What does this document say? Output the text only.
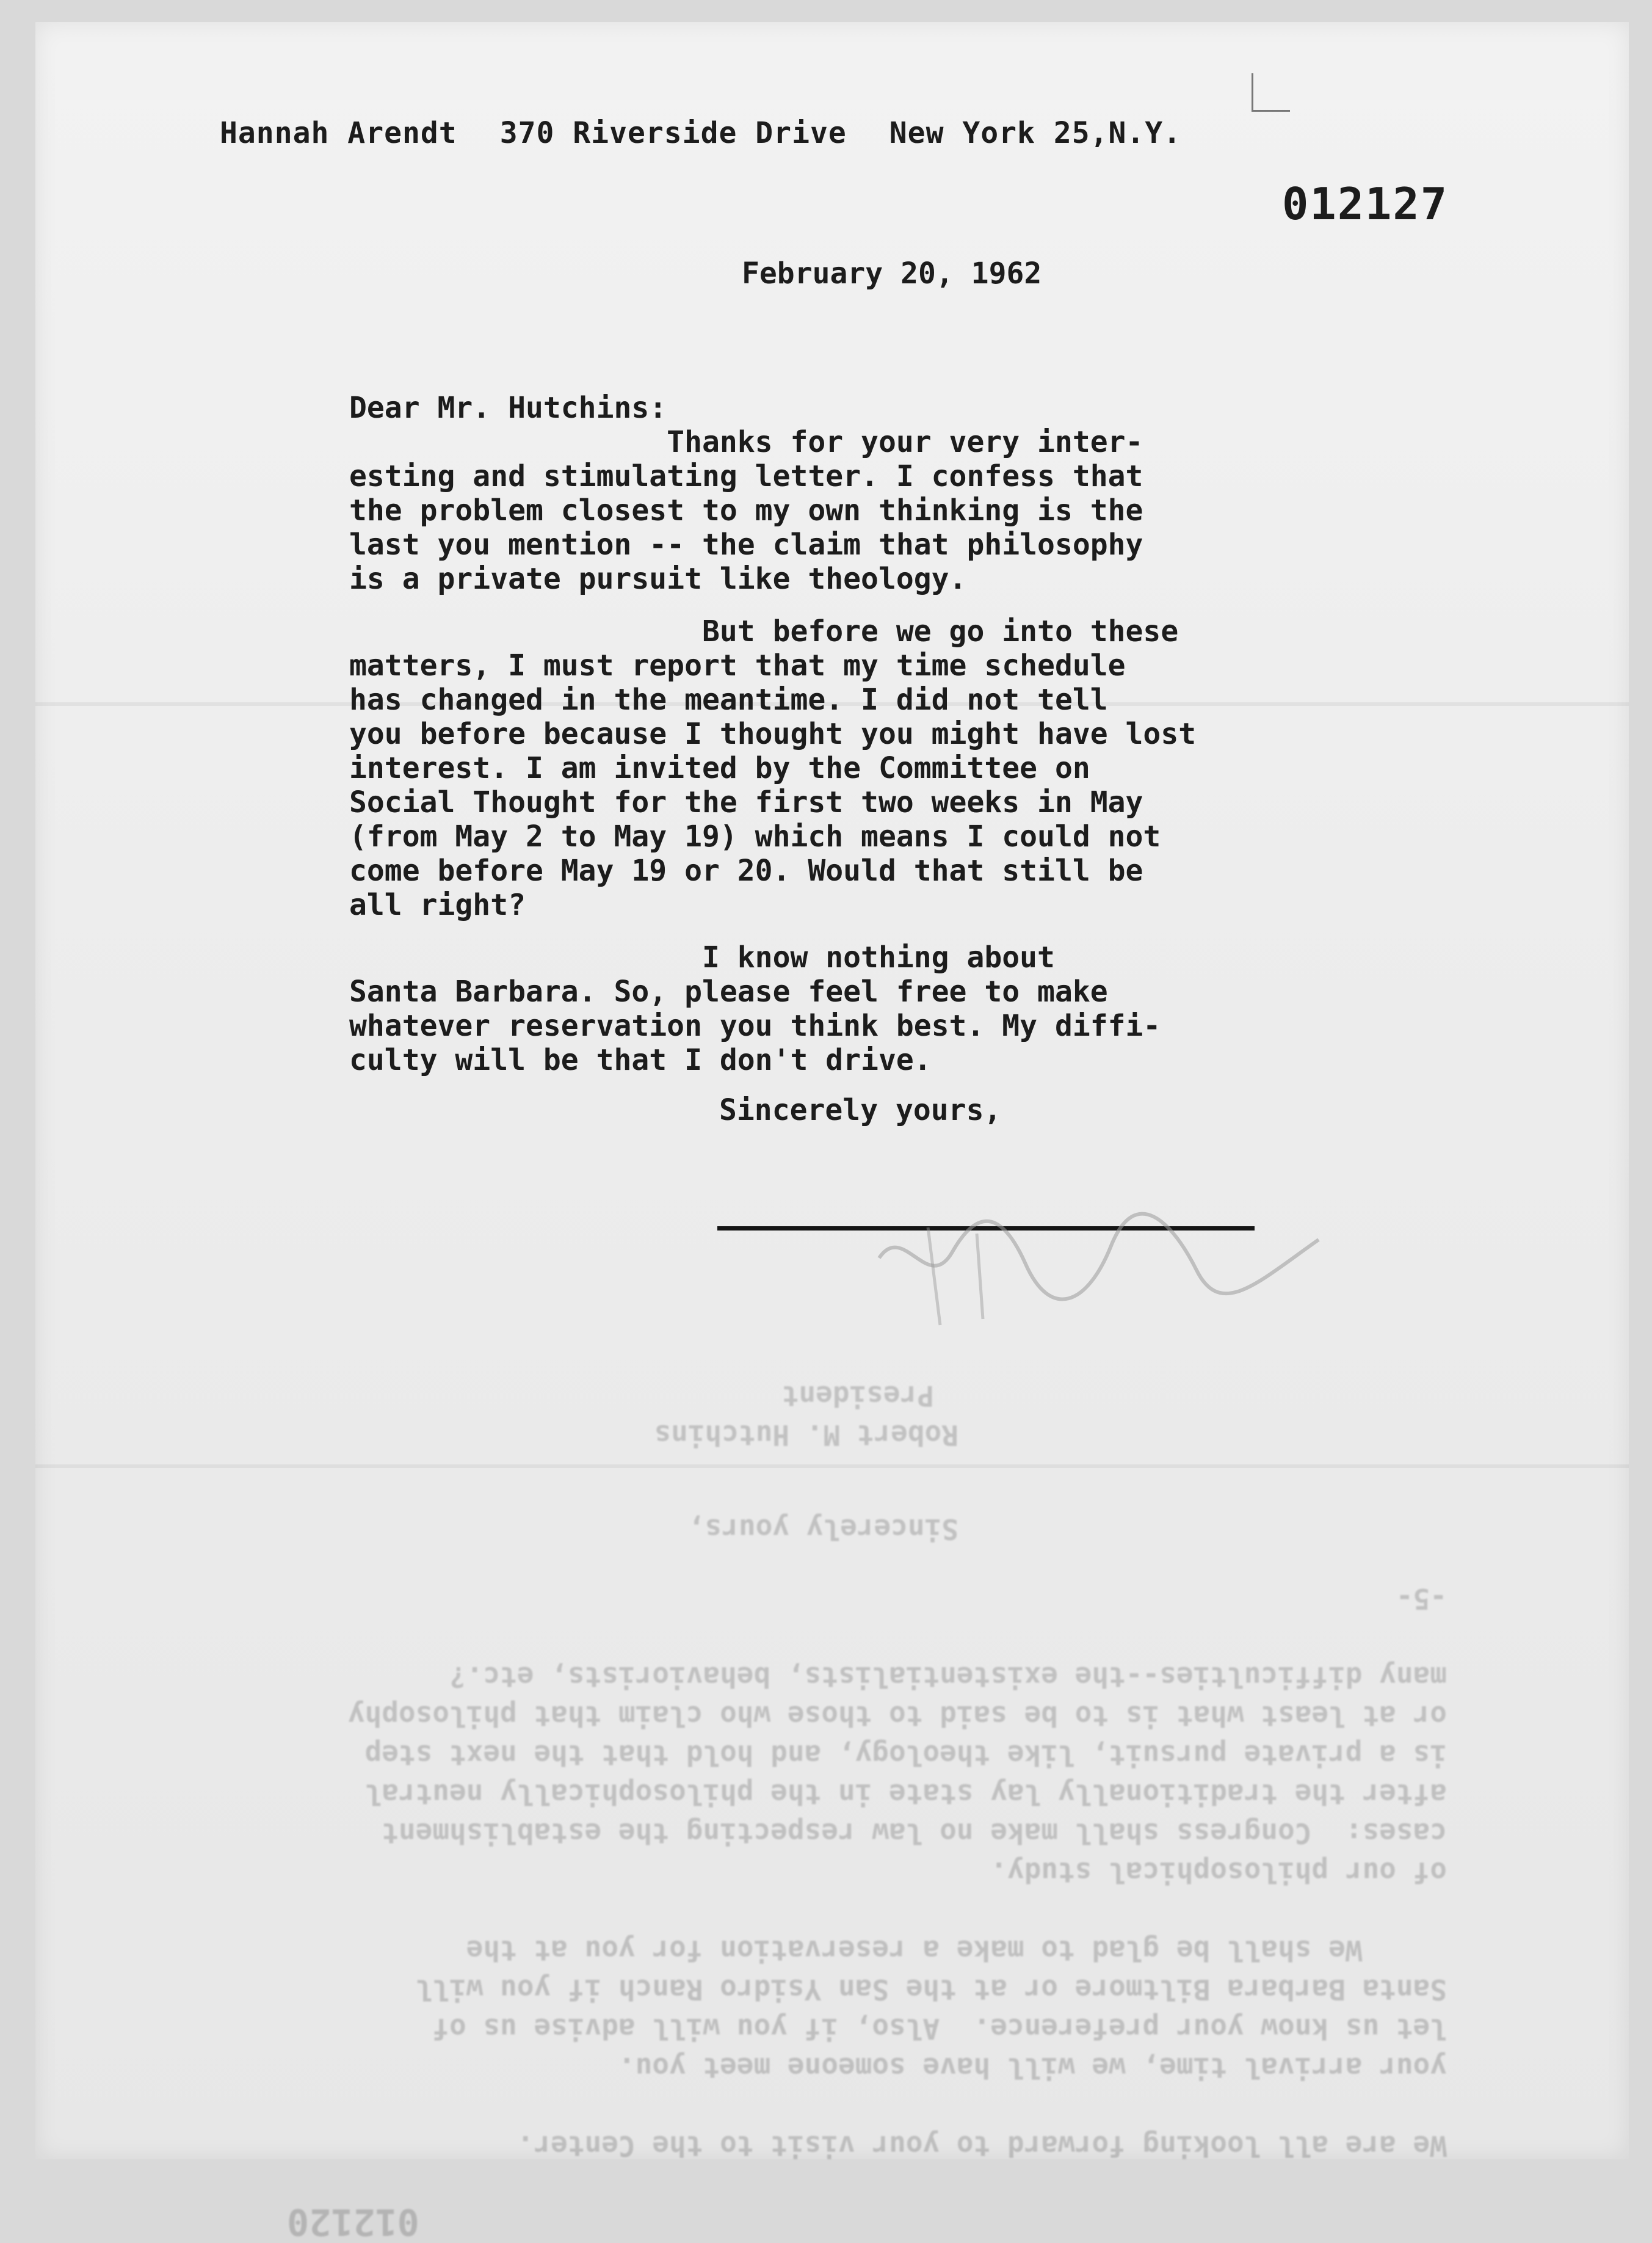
012120

We are all looking forward to your visit to the Center.

your arrival time, we will have someone meet you.

let us know your preference.  Also, if you will advise us of

Santa Barbara Biltmore or at the San Ysidro Ranch if you will

We shall be glad to make a reservation for you at the

of our philosophical study.

cases:  Congress shall make no law respecting the establishment

after the traditionally lay state in the philosophically neutral

is a private pursuit, like theology, and hold that the next step

or at least what is to be said to those who claim that philosophy

many difficulties--the existentialists, behaviorists, etc.?

-5-

Sincerely yours,

Robert M. Hutchins

President

Hannah Arendt 370 Riverside Drive New York 25,N.Y.
012127
February 20, 1962

Dear Mr. Hutchins:

Thanks for your very inter-

esting and stimulating letter. I confess that

the problem closest to my own thinking is the

last you mention -- the claim that philosophy

is a private pursuit like theology.

But before we go into these

matters, I must report that my time schedule

has changed in the meantime. I did not tell

you before because I thought you might have lost

interest. I am invited by the Committee on

Social Thought for the first two weeks in May

(from May 2 to May 19) which means I could not

come before May 19 or 20. Would that still be

all right?

I know nothing about

Santa Barbara. So, please feel free to make

whatever reservation you think best. My diffi-

culty will be that I don't drive.

Sincerely yours,
